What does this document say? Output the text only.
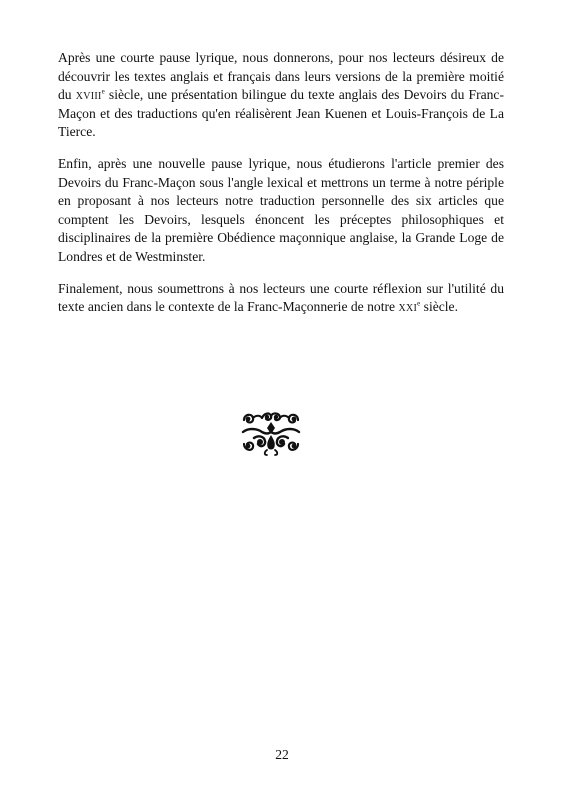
Après une courte pause lyrique, nous donnerons, pour nos lecteurs désireux de découvrir les textes anglais et français dans leurs versions de la première moitié du xviii$^e$ siècle, une présentation bilingue du texte anglais des Devoirs du Franc-Maçon et des traductions qu'en réalisèrent Jean Kuenen et Louis-François de La Tierce.

Enfin, après une nouvelle pause lyrique, nous étudierons l'article premier des Devoirs du Franc-Maçon sous l'angle lexical et mettrons un terme à notre périple en proposant à nos lecteurs notre traduction personnelle des six articles que comptent les Devoirs, lesquels énoncent les préceptes philosophiques et disciplinaires de la première Obédience maçonnique anglaise, la Grande Loge de Londres et de Westminster.

Finalement, nous soumettrons à nos lecteurs une courte réflexion sur l'utilité du texte ancien dans le contexte de la Franc-Maçonnerie de notre xxi$^e$ siècle.

22
